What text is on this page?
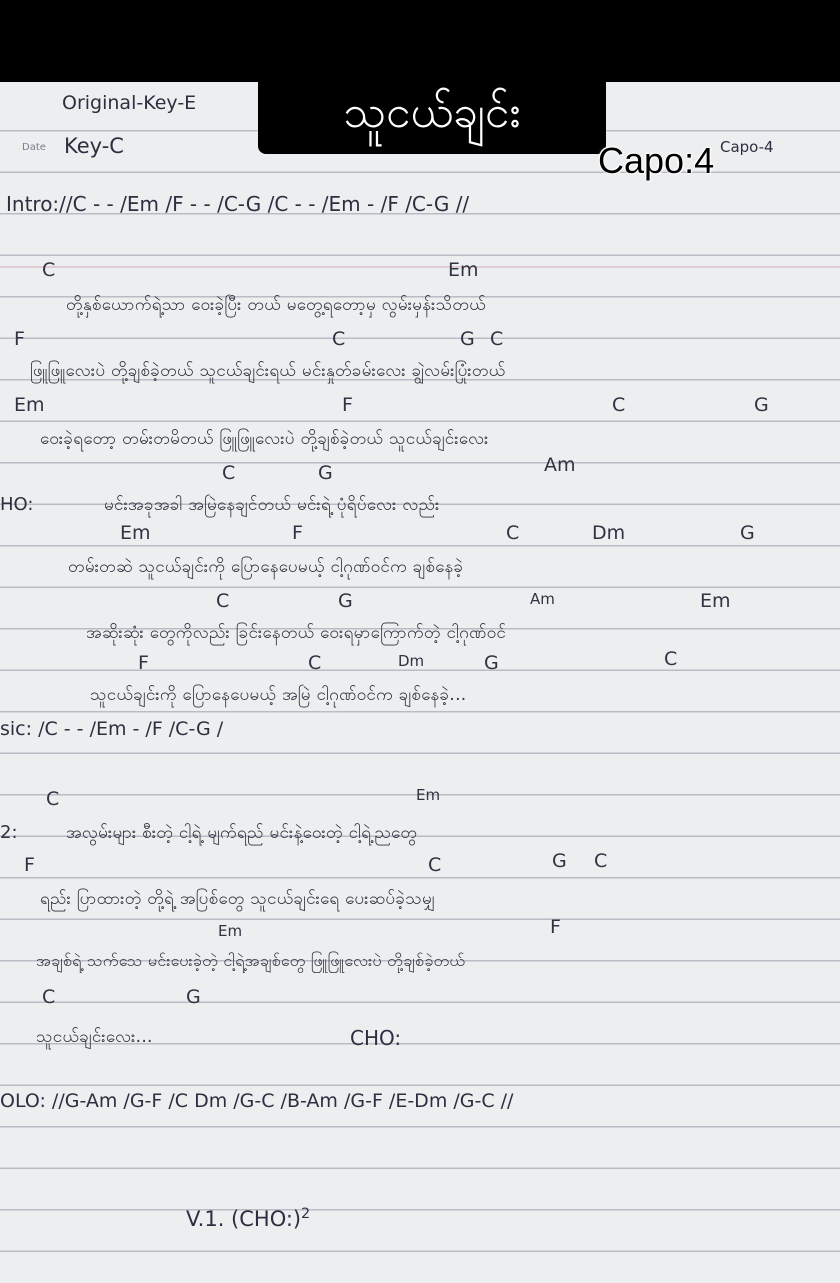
Original-Key-E
Date Key-C	Capo-4
Intro://C - - /Em /F - - /C-G /C - - /Em - /F /C-G //
C	Em
တို့နှစ်ယောက်ရဲ့သာ ဝေးခဲ့ပြီး တယ် မတွေ့ရတော့မှ လွမ်းမှန်းသိတယ်
F	C	G C
ဖြူဖြူလေးပဲ တို့ချစ်ခဲ့တယ် သူငယ်ချင်းရယ် မင်းနှုတ်ခမ်းလေး ချွဲလမ်းပြုံးတယ်
Em	F	C	G
ဝေးခဲ့ရတော့ တမ်းတမိတယ် ဖြူဖြူလေးပဲ တို့ချစ်ခဲ့တယ် သူငယ်ချင်းလေး
C	G	Am
HO:	မင်းအခုအခါ အမြဲနေချင်တယ် မင်းရဲ့ ပုံရိပ်လေး လည်း
Em	F	C	Dm	G
တမ်းတဆဲ သူငယ်ချင်းကို ပြောနေပေမယ့် ငါ့ဂုဏ်ဝင်က ချစ်နေခဲ့
C	G	Am	Em
အဆိုးဆုံး တွေကိုလည်း ခြင်းနေတယ် ဝေးရမှာကြောက်တဲ့ ငါ့ဂုဏ်ဝင်
F	C	Dm	G	C
သူငယ်ချင်းကို ပြောနေပေမယ့် အမြဲ ငါ့ဂုဏ်ဝင်က ချစ်နေခဲ့...
sic: /C - - /Em - /F /C-G /
C	Em
2:	အလွမ်းများ စီးတဲ့ ငါ့ရဲ့ မျက်ရည် မင်းနဲ့ဝေးတဲ့ ငါ့ရဲ့ညတွေ
F	C	G C
ရည်း ပြာထားတဲ့ တို့ရဲ့ အပြစ်တွေ သူငယ်ချင်းရေ ပေးဆပ်ခဲ့သမျှ
Em	F
အချစ်ရဲ့ သက်သေ မင်းပေးခဲ့တဲ့ ငါ့ရဲ့အချစ်တွေ ဖြူဖြူလေးပဲ တို့ချစ်ခဲ့တယ်
C	G
သူငယ်ချင်းလေး...	CHO:
OLO: //G-Am /G-F /C Dm /G-C /B-Am /G-F /E-Dm /G-C //
V.1. (CHO:)$^2$
သူငယ်ချင်း
Capo:4
